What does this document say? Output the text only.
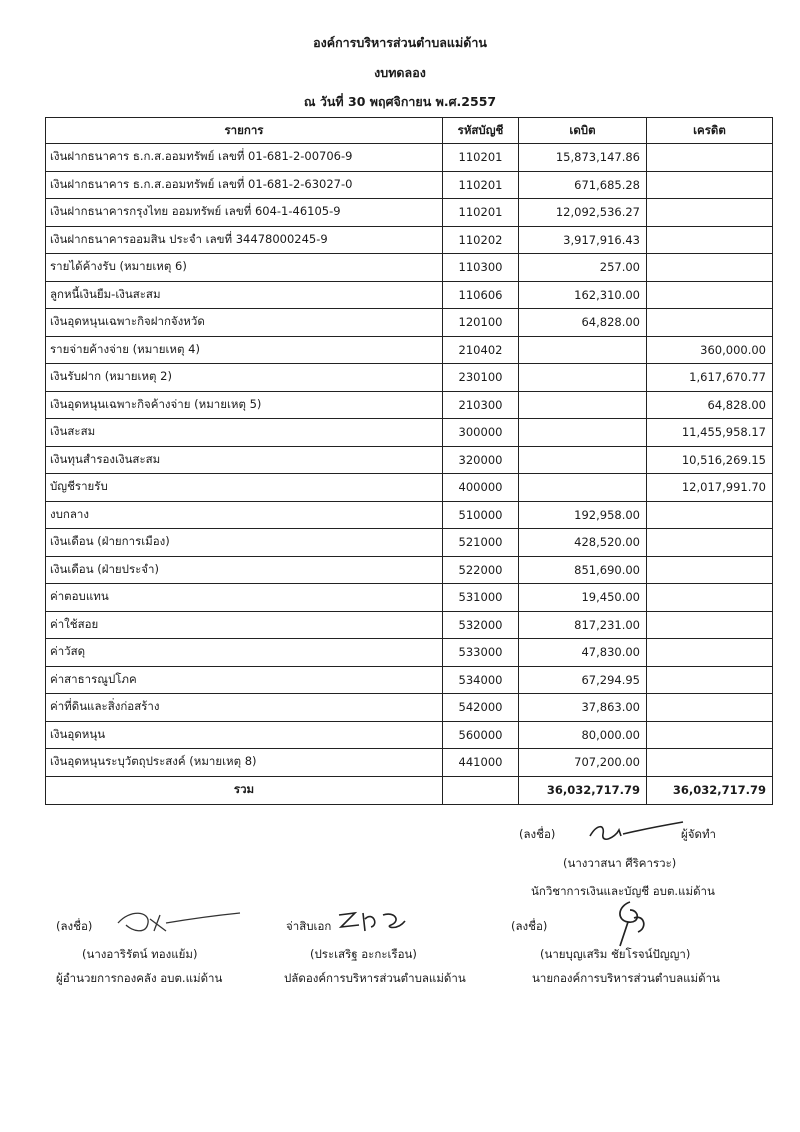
องค์การบริหารส่วนตำบลแม่ด้าน
งบทดลอง
ณ วันที่ 30 พฤศจิกายน พ.ศ.2557
รายการ	รหัสบัญชี	เดบิต	เครดิต
เงินฝากธนาคาร ธ.ก.ส.ออมทรัพย์ เลขที่ 01-681-2-00706-9	110201	15,873,147.86	
เงินฝากธนาคาร ธ.ก.ส.ออมทรัพย์ เลขที่ 01-681-2-63027-0	110201	671,685.28	
เงินฝากธนาคารกรุงไทย ออมทรัพย์ เลขที่ 604-1-46105-9	110201	12,092,536.27	
เงินฝากธนาคารออมสิน ประจำ เลขที่ 34478000245-9	110202	3,917,916.43	
รายได้ค้างรับ (หมายเหตุ 6)	110300	257.00	
ลูกหนี้เงินยืม-เงินสะสม	110606	162,310.00	
เงินอุดหนุนเฉพาะกิจฝากจังหวัด	120100	64,828.00	
รายจ่ายค้างจ่าย (หมายเหตุ 4)	210402		360,000.00
เงินรับฝาก (หมายเหตุ 2)	230100		1,617,670.77
เงินอุดหนุนเฉพาะกิจค้างจ่าย (หมายเหตุ 5)	210300		64,828.00
เงินสะสม	300000		11,455,958.17
เงินทุนสำรองเงินสะสม	320000		10,516,269.15
บัญชีรายรับ	400000		12,017,991.70
งบกลาง	510000	192,958.00	
เงินเดือน (ฝ่ายการเมือง)	521000	428,520.00	
เงินเดือน (ฝ่ายประจำ)	522000	851,690.00	
ค่าตอบแทน	531000	19,450.00	
ค่าใช้สอย	532000	817,231.00	
ค่าวัสดุ	533000	47,830.00	
ค่าสาธารณูปโภค	534000	67,294.95	
ค่าที่ดินและสิ่งก่อสร้าง	542000	37,863.00	
เงินอุดหนุน	560000	80,000.00	
เงินอุดหนุนระบุวัตถุประสงค์ (หมายเหตุ 8)	441000	707,200.00	
รวม		36,032,717.79	36,032,717.79
(ลงชื่อ)	ผู้จัดทำ
(นางวาสนา ศีริคารวะ)
นักวิชาการเงินและบัญชี อบต.แม่ด้าน
(ลงชื่อ)
(นางอาริรัตน์ ทองแย้ม)
ผู้อำนวยการกองคลัง อบต.แม่ด้าน
จ่าสิบเอก
(ประเสริฐ อะกะเรือน)
ปลัดองค์การบริหารส่วนตำบลแม่ด้าน
(ลงชื่อ)
(นายบุญเสริม ชัยโรจน์ปัญญา)
นายกองค์การบริหารส่วนตำบลแม่ด้าน
